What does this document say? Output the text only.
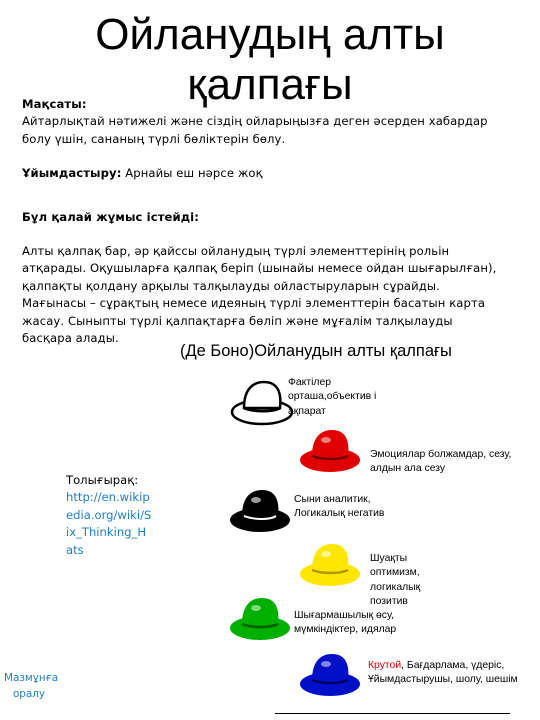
Ойланудың алты қалпағы

Мақсаты:

Айтарлықтай нәтижелі және сіздің ойларыңызға деген әсерден хабардар болу үшін, сананың түрлі бөліктерін бөлу.

Ұйымдастыру: Арнайы еш нәрсе жоқ

Бұл қалай жұмыс істейді:

Алты қалпақ бар, әр қайссы ойланудың түрлі элементтерінің рольін атқарады. Оқушыларға қалпақ беріп (шынайы немесе ойдан шығарылған), қалпақты қолдану арқылы талқылауды ойластыруларын сұрайды. Мағынасы – сұрақтың немесе идеяның түрлі элементтерін басатын карта жасау. Сыныпты түрлі қалпақтарға бөліп және мұғалім талқылауды басқара алады.

(Де Боно)Ойланудын алты қалпағы
Толығырақ:
http://en.wikipedia.org/wiki/Six_Thinking_Hats
Мазмұнға оралу
Фактілер орташа,объектив і ақпарат
Эмоциялар болжамдар, сезу, алдын ала сезу
Сыни аналитик, Логикалық негатив
Шуақты оптимизм, логикалық позитив
Шығармашылық өсу, мүмкіндіктер, идялар
Крутой, Бағдарлама, үдеріс, Ұйымдастырушы, шолу, шешім
